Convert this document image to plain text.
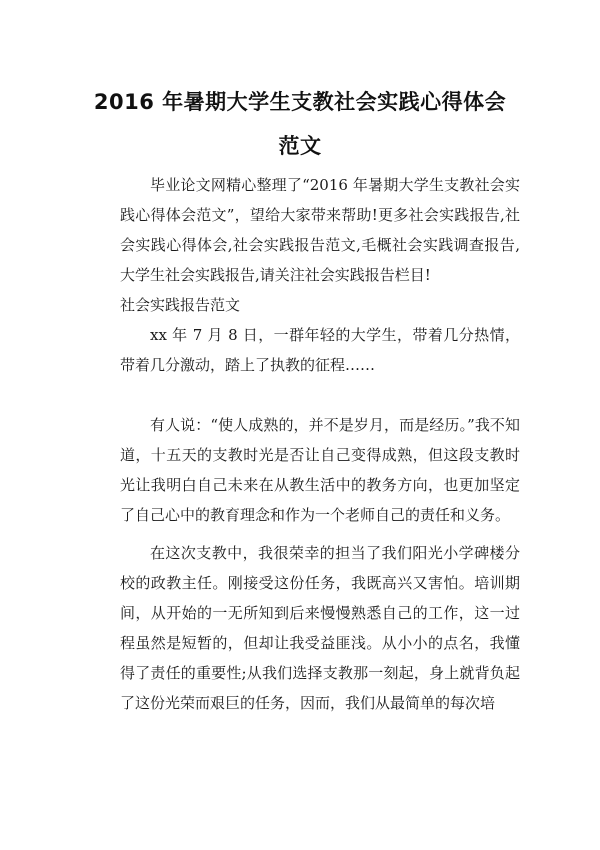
2016 年暑期大学生支教社会实践心得体会
范文

毕业论文网精心整理了“2016 年暑期大学生支教社会实践心得体会范文”，望给大家带来帮助!更多社会实践报告,社会实践心得体会,社会实践报告范文,毛概社会实践调查报告,大学生社会实践报告,请关注社会实践报告栏目!

社会实践报告范文

xx 年 7 月 8 日，一群年轻的大学生，带着几分热情，带着几分激动，踏上了执教的征程……

有人说：“使人成熟的，并不是岁月，而是经历。”我不知道，十五天的支教时光是否让自己变得成熟，但这段支教时光让我明白自己未来在从教生活中的教务方向，也更加坚定了自己心中的教育理念和作为一个老师自己的责任和义务。

在这次支教中，我很荣幸的担当了我们阳光小学碑楼分校的政教主任。刚接受这份任务，我既高兴又害怕。培训期间，从开始的一无所知到后来慢慢熟悉自己的工作，这一过程虽然是短暂的，但却让我受益匪浅。从小小的点名，我懂得了责任的重要性;从我们选择支教那一刻起，身上就背负起了这份光荣而艰巨的任务，因而，我们从最简单的每次培
